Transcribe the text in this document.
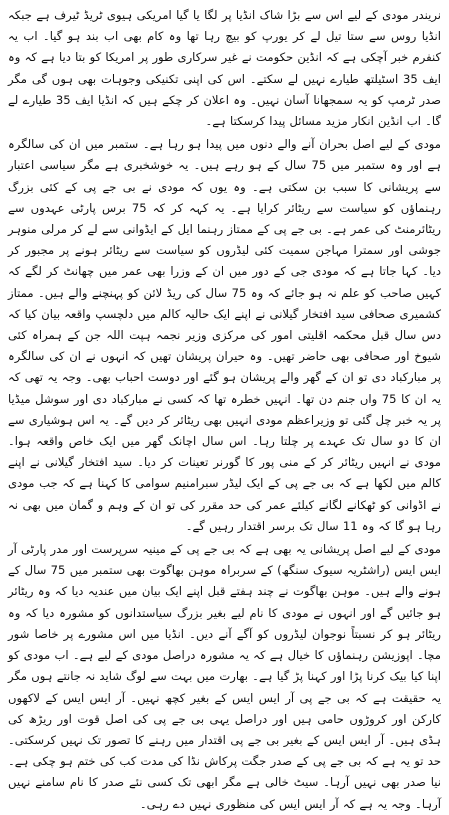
نریندر مودی کے لیے اس سے بڑا شاک انڈیا پر لگا یا گیا امریکی ہیوی ٹریڈ ٹیرف ہے جبکہ انڈیا روس سے ستا تیل لے کر یورپ کو بیچ رہا تھا وہ کام بھی اب بند ہو گیا۔ اب یہ کنفرم خبر آچکی ہے کہ انڈین حکومت نے غیر سرکاری طور پر امریکا کو بتا دیا ہے کہ وہ ایف 35 اسٹیلتھ طیارے نہیں لے سکتے۔ اس کی اپنی تکنیکی وجوہات بھی ہوں گی مگر صدر ٹرمپ کو یہ سمجھانا آسان نہیں۔ وہ اعلان کر چکے ہیں کہ انڈیا ایف 35 طیارے لے گا۔ اب انڈین انکار مزید مسائل پیدا کرسکتا ہے۔

مودی کے لیے اصل بحران آنے والے دنوں میں پیدا ہو رہا ہے۔ ستمبر میں ان کی سالگرہ ہے اور وہ ستمبر میں 75 سال کے ہو رہے ہیں۔ یہ خوشخبری ہے مگر سیاسی اعتبار سے پریشانی کا سبب بن سکتی ہے۔ وہ یوں کہ مودی نے بی جے پی کے کئی بزرگ رہنماؤں کو سیاست سے ریٹائر کرایا ہے۔ یہ کہہ کر کہ 75 برس پارٹی عہدوں سے ریٹائرمنٹ کی عمر ہے۔ بی جے پی کے ممتاز رہنما ایل کے ایڈوانی سے لے کر مرلی منوہر جوشی اور سمترا مہاجن سمیت کئی لیڈروں کو سیاست سے ریٹائر ہونے پر مجبور کر دیا۔ کہا جاتا ہے کہ مودی جی کے دور میں ان کے وزرا بھی عمر میں چھانٹ کر لگے کہ کہیں صاحب کو علم نہ ہو جائے کہ وہ 75 سال کی ریڈ لائن کو پہنچنے والے ہیں۔ ممتاز کشمیری صحافی سید افتخار گیلانی نے اپنے ایک حالیہ کالم میں دلچسپ واقعہ بیان کیا کہ دس سال قبل محکمہ اقلیتی امور کی مرکزی وزیر نجمہ ہپت اللہ جن کے ہمراہ کئی شیوخ اور صحافی بھی حاضر تھیں۔ وہ حیران پریشان تھیں کہ انہوں نے ان کی سالگرہ پر مبارکباد دی تو ان کے گھر والے پریشان ہو گئے اور دوست احباب بھی۔ وجہ یہ تھی کہ یہ ان کا 75 واں جنم دن تھا۔ انہیں خطرہ تھا کہ کسی نے مبارکباد دی اور سوشل میڈیا پر یہ خبر چل گئی تو وزیراعظم مودی انہیں بھی ریٹائر کر دیں گے۔ یہ اس ہوشیاری سے ان کا دو سال تک عہدے پر چلتا رہا۔ اس سال اچانک گھر میں ایک خاص واقعہ ہوا۔ مودی نے انہیں ریٹائر کر کے منی پور کا گورنر تعینات کر دیا۔ سید افتخار گیلانی نے اپنے کالم میں لکھا ہے کہ بی جے پی کے ایک لیڈر سبرامنیم سوامی کا کہنا ہے کہ جب مودی نے اڈوانی کو ٹھکانے لگانے کیلئے عمر کی حد مقرر کی تو ان کے وہم و گمان میں بھی نہ رہا ہو گا کہ وہ 11 سال تک برسر اقتدار رہیں گے۔

مودی کے لیے اصل پریشانی یہ بھی ہے کہ بی جے پی کے مینیہ سرپرست اور مدر پارٹی آر ایس ایس (راشٹریہ سیوک سنگھ) کے سربراہ موہن بھاگوت بھی ستمبر میں 75 سال کے ہونے والے ہیں۔ موہن بھاگوت نے چند ہفتے قبل اپنے ایک بیان میں عندیہ دیا کہ وہ ریٹائر ہو جائیں گے اور انہوں نے مودی کا نام لیے بغیر بزرگ سیاستدانوں کو مشورہ دیا کہ وہ ریٹائر ہو کر نسبتاً نوجوان لیڈروں کو آگے آنے دیں۔ انڈیا میں اس مشورے پر خاصا شور مچا۔ اپوزیشن رہنماؤں کا خیال ہے کہ یہ مشورہ دراصل مودی کے لیے ہے۔ اب مودی کو اپنا کیا بیک کرنا پڑا اور کہنا پڑ گیا ہے۔ بھارت میں بہت سے لوگ شاید نہ جانتے ہوں مگر یہ حقیقت ہے کہ بی جے پی آر ایس ایس کے بغیر کچھ نہیں۔ آر ایس ایس کے لاکھوں کارکن اور کروڑوں حامی ہیں اور دراصل یہی بی جے پی کی اصل قوت اور ریڑھ کی ہڈی ہیں۔ آر ایس ایس کے بغیر بی جے پی اقتدار میں رہنے کا تصور تک نہیں کرسکتی۔ حد تو یہ ہے کہ بی جے پی کے صدر جگت پرکاش نڈا کی مدت کب کی ختم ہو چکی ہے۔ نیا صدر بھی نہیں آرہا۔ سیٹ خالی ہے مگر ابھی تک کسی نئے صدر کا نام سامنے نہیں آرہا۔ وجہ یہ ہے کہ آر ایس ایس کی منظوری نہیں دے رہی۔
